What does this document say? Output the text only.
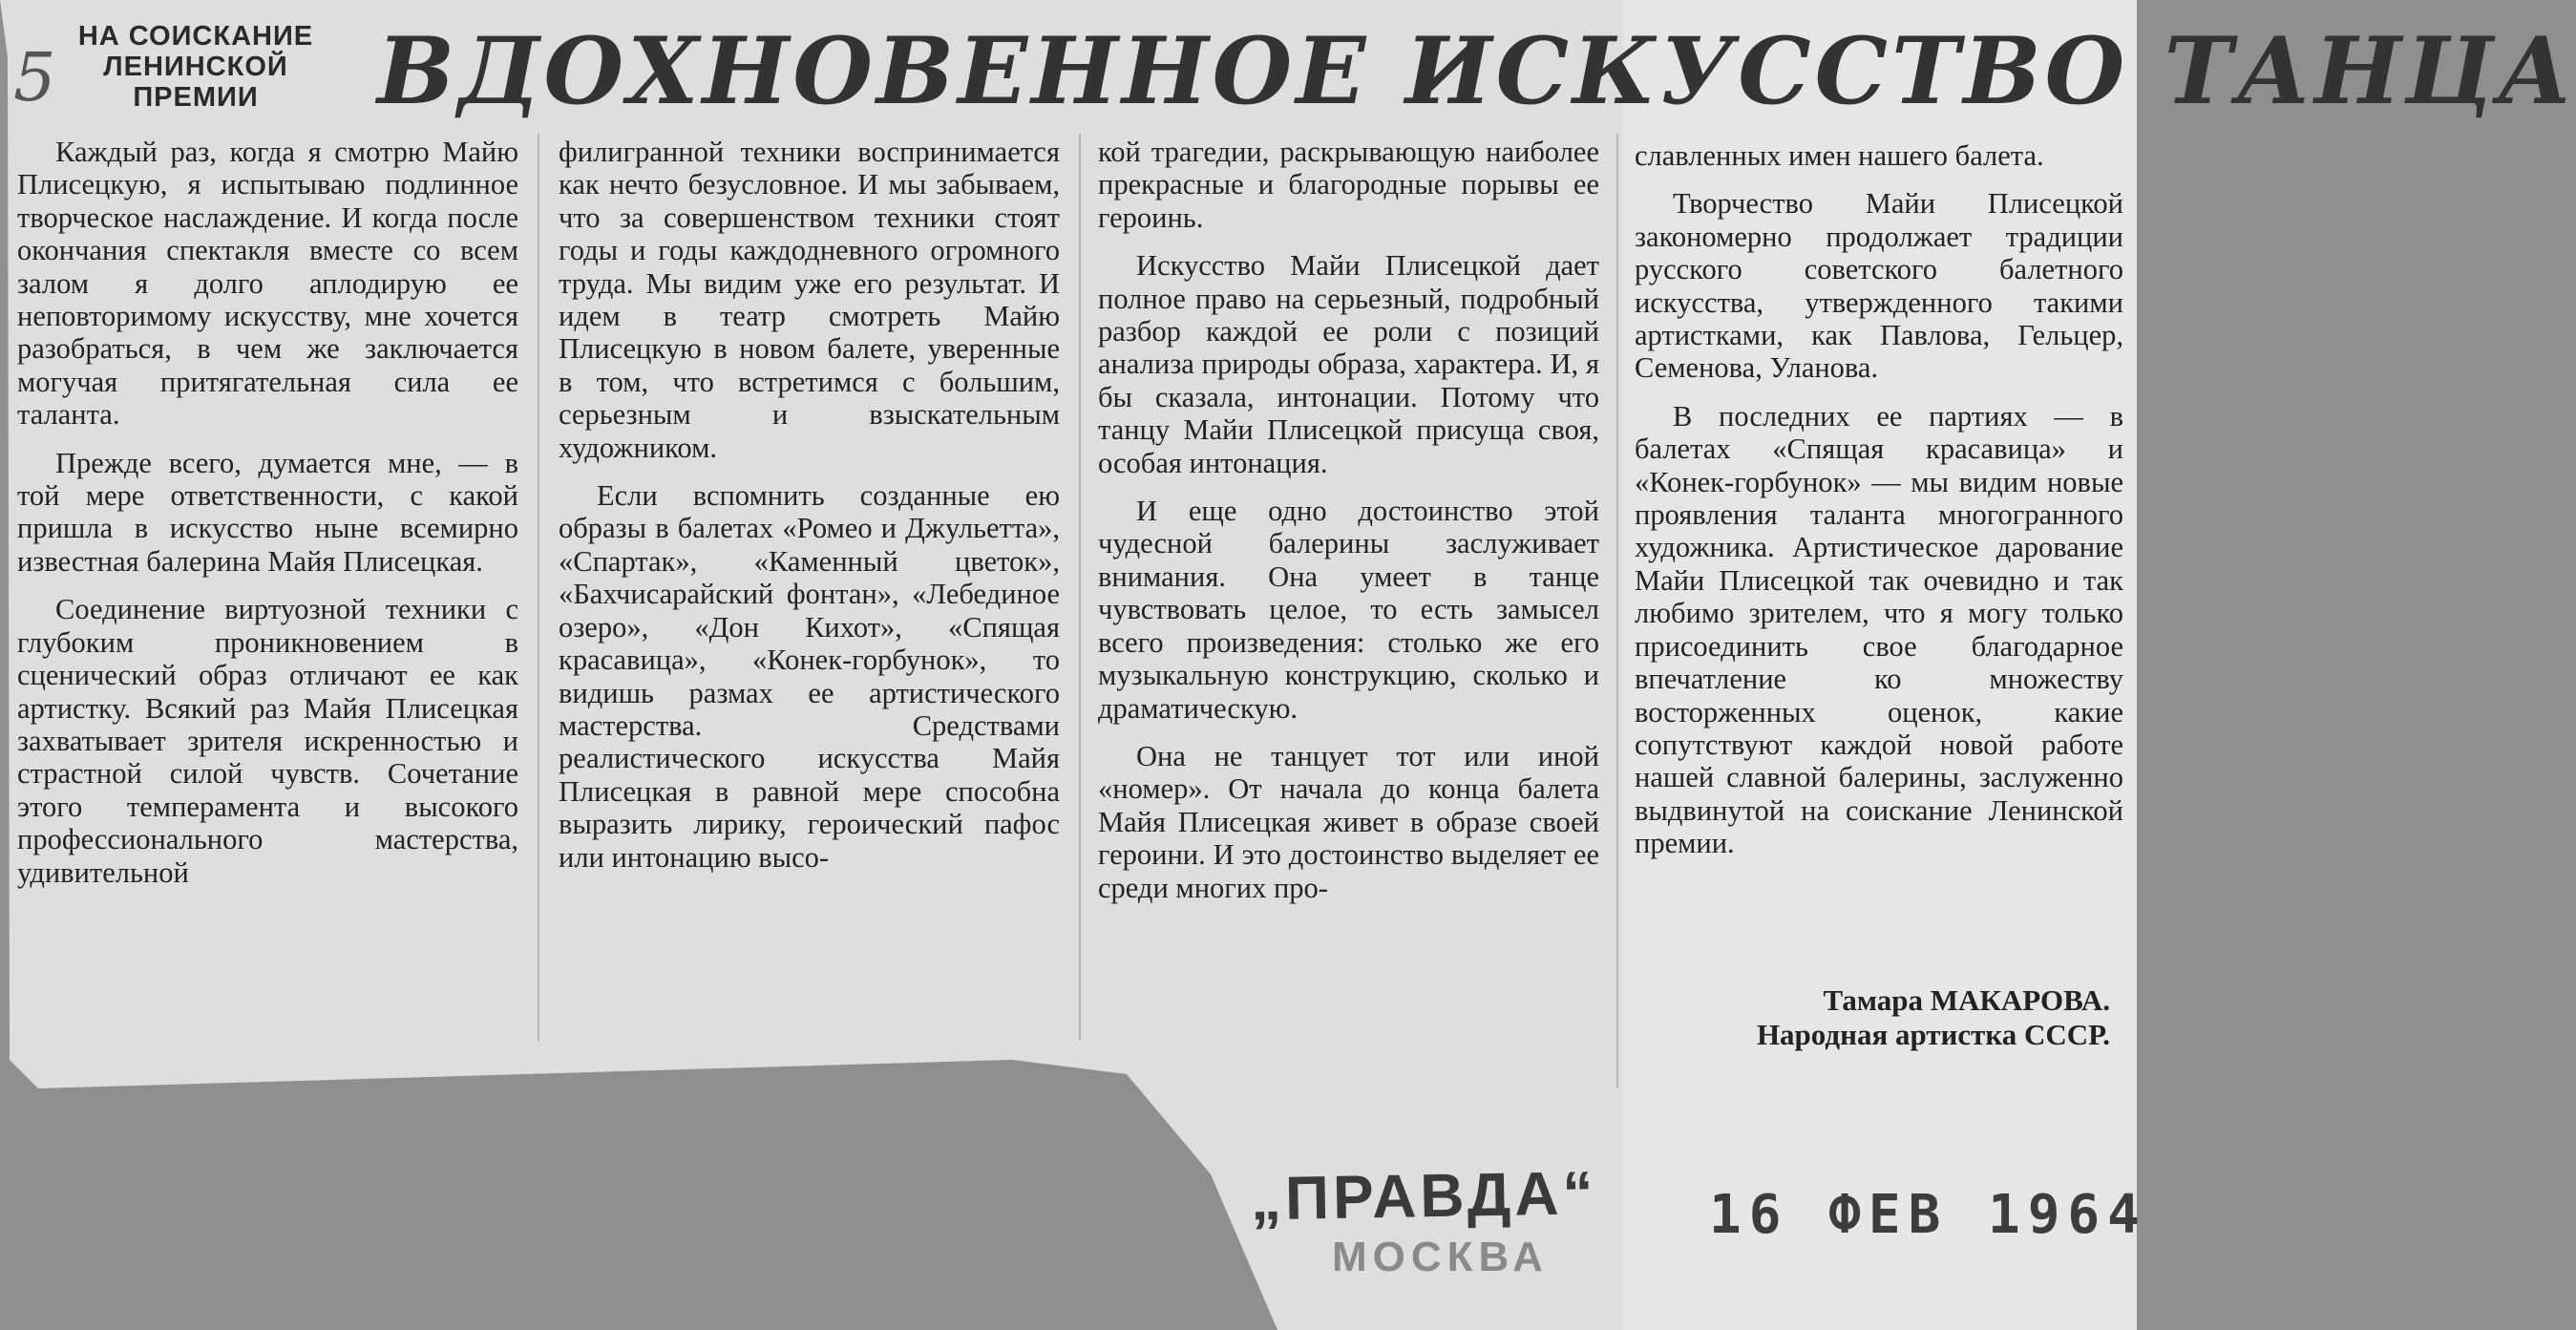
5
НА СОИСКАНИЕ
ЛЕНИНСКОЙ
ПРЕМИИ	ВДОХНОВЕННОЕ ИСКУССТВО ТАНЦА

Каждый раз, когда я смотрю Майю Плисецкую, я испытываю подлинное творческое наслаждение. И когда после окончания спектакля вместе со всем залом я долго аплодирую ее неповторимому искусству, мне хочется разобраться, в чем же заключается могучая притягательная сила ее таланта.

Прежде всего, думается мне, — в той мере ответственности, с какой пришла в искусство ныне всемирно известная балерина Майя Плисецкая.

Соединение виртуозной техники с глубоким проникновением в сценический образ отличают ее как артистку. Всякий раз Майя Плисецкая захватывает зрителя искренностью и страстной силой чувств. Сочетание этого темперамента и высокого профессионального мастерства, удивительной

филигранной техники воспринимается как нечто безусловное. И мы забываем, что за совершенством техники стоят годы и годы каждодневного огромного труда. Мы видим уже его результат. И идем в театр смотреть Майю Плисецкую в новом балете, уверенные в том, что встретимся с большим, серьезным и взыскательным художником.

Если вспомнить созданные ею образы в балетах «Ромео и Джульетта», «Спартак», «Каменный цветок», «Бахчисарайский фонтан», «Лебединое озеро», «Дон Кихот», «Спящая красавица», «Конек-горбунок», то видишь размах ее артистического мастерства. Средствами реалистического искусства Майя Плисецкая в равной мере способна выразить лирику, героический пафос или интонацию высо-

кой трагедии, раскрывающую наиболее прекрасные и благородные порывы ее героинь.

Искусство Майи Плисецкой дает полное право на серьезный, подробный разбор каждой ее роли с позиций анализа природы образа, характера. И, я бы сказала, интонации. Потому что танцу Майи Плисецкой присуща своя, особая интонация.

И еще одно достоинство этой чудесной балерины заслуживает внимания. Она умеет в танце чувствовать целое, то есть замысел всего произведения: столько же его музыкальную конструкцию, сколько и драматическую.

Она не танцует тот или иной «номер». От начала до конца балета Майя Плисецкая живет в образе своей героини. И это достоинство выделяет ее среди многих про-

славленных имен нашего балета.

Творчество Майи Плисецкой закономерно продолжает традиции русского советского балетного искусства, утвержденного такими артистками, как Павлова, Гельцер, Семенова, Уланова.

В последних ее партиях — в балетах «Спящая красавица» и «Конек-горбунок» — мы видим новые проявления таланта многогранного художника. Артистическое дарование Майи Плисецкой так очевидно и так любимо зрителем, что я могу только присоединить свое благодарное впечатление ко множеству восторженных оценок, какие сопутствуют каждой новой работе нашей славной балерины, заслуженно выдвинутой на соискание Ленинской премии.

Тамара МАКАРОВА.
Народная артистка СССР.
„ПРАВДА“
МОСКВА
16 ФЕВ 1964
